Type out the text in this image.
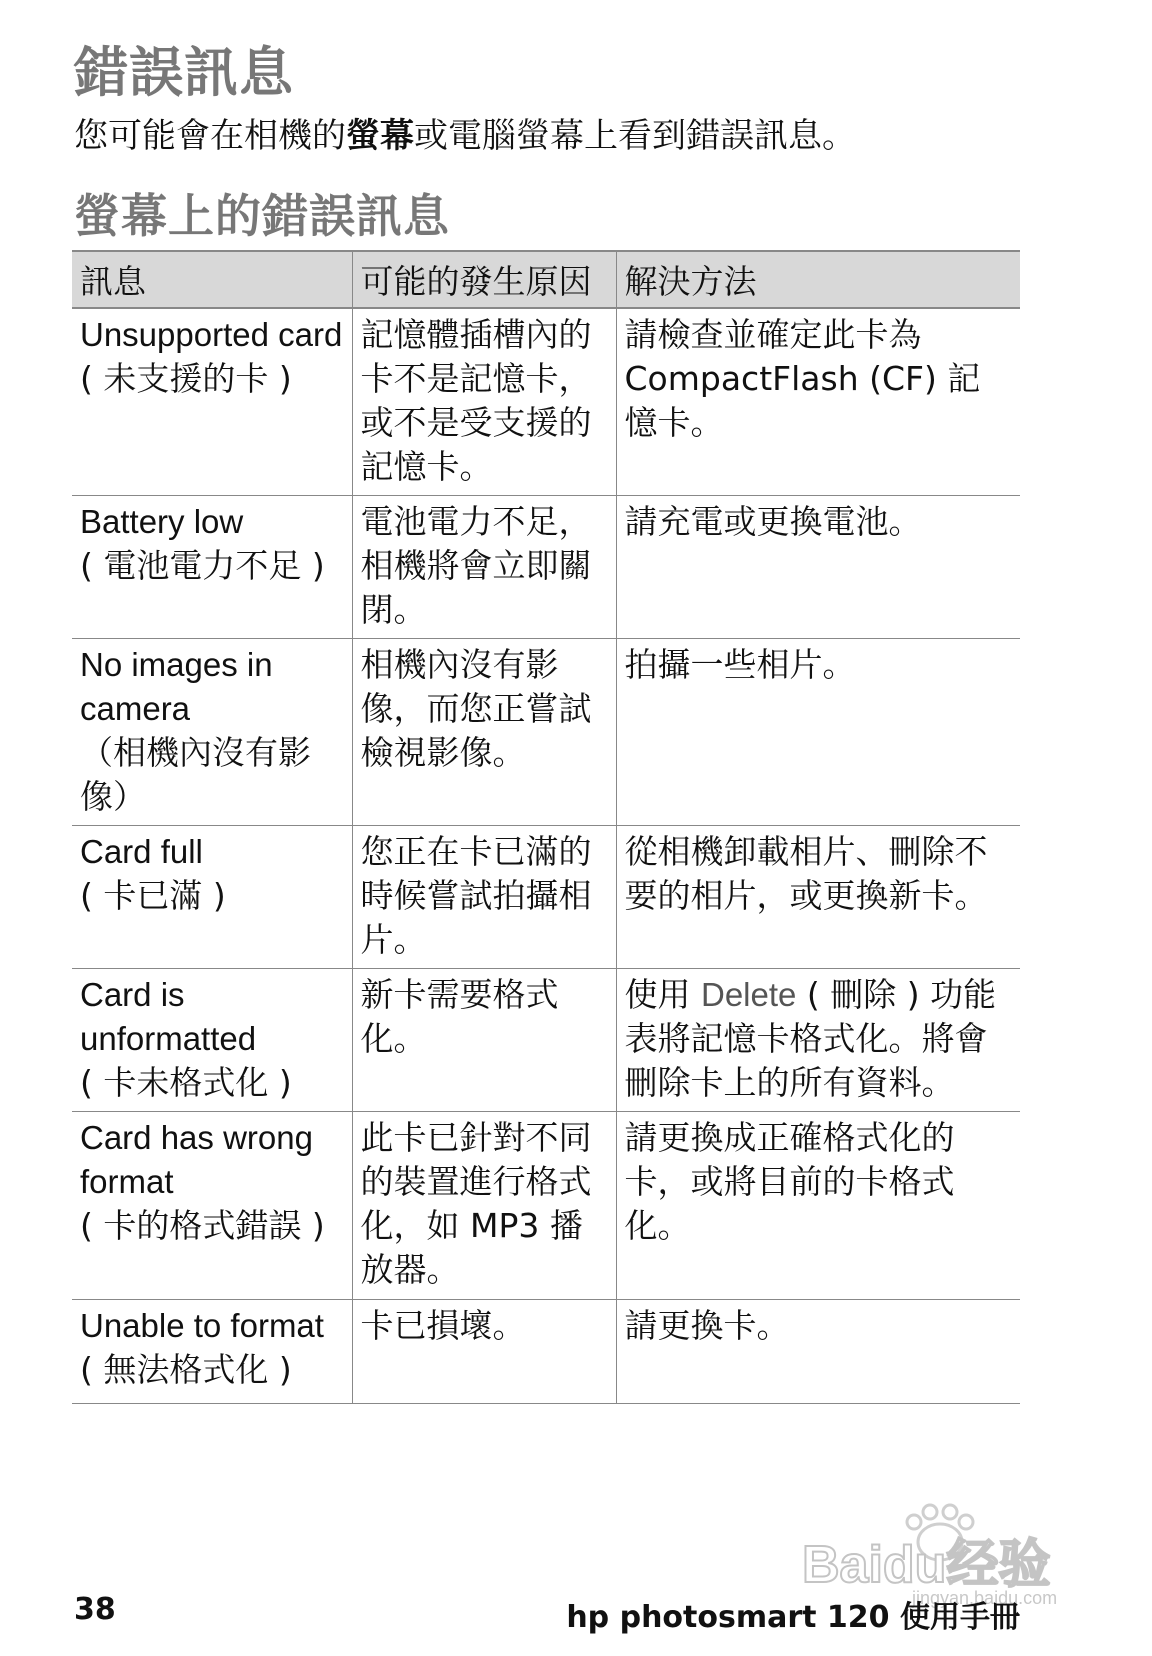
錯誤訊息

您可能會在相機的螢幕或電腦螢幕上看到錯誤訊息。

螢幕上的錯誤訊息
訊息	可能的發生原因	解決方法

Unsupported card
( 未支援的卡 )	記憶體插槽內的卡不是記憶卡，或不是受支援的記憶卡。	請檢查並確定此卡為 CompactFlash (CF) 記憶卡。

Battery low
( 電池電力不足 )	電池電力不足，相機將會立即關閉。	請充電或更換電池。

No images in camera
（相機內沒有影像）	相機內沒有影像，而您正嘗試檢視影像。	拍攝一些相片。

Card full
( 卡已滿 )	您正在卡已滿的時候嘗試拍攝相片。	從相機卸載相片、刪除不要的相片，或更換新卡。

Card is unformatted
( 卡未格式化 )	新卡需要格式化。	使用 Delete ( 刪除 ) 功能表將記憶卡格式化。將會刪除卡上的所有資料。

Card has wrong format
( 卡的格式錯誤 )	此卡已針對不同的裝置進行格式化，如 MP3 播放器。	請更換成正確格式化的卡，或將目前的卡格式化。

Unable to format
( 無法格式化 )	卡已損壞。	請更換卡。
Baidu经验
jingyan.baidu.com
38	hp photosmart 120 使用手冊
